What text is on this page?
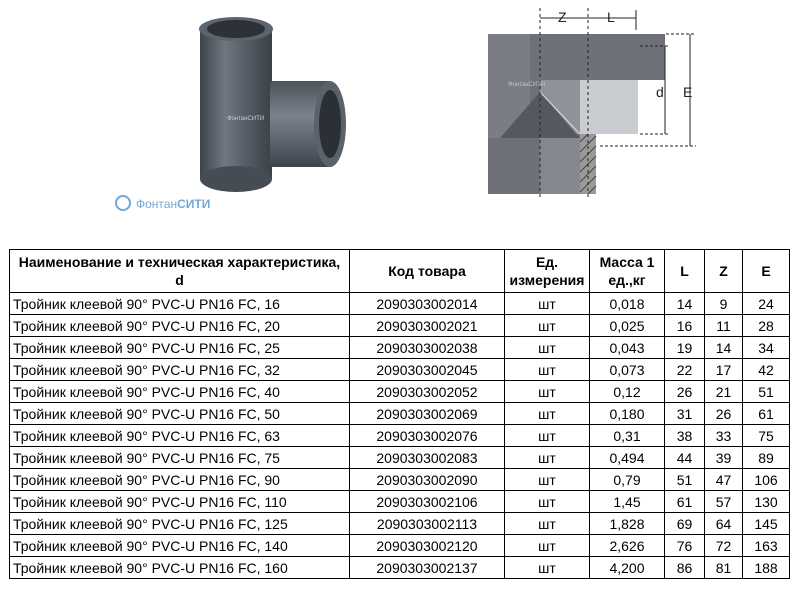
ФонтанСИТИ
ФонтанСИТИ
Z	L
d E
ФонтанСИТИ
Наименование и техническая характеристика, d	Код товара	Ед. измерения	Масса 1 ед.,кг	L	Z	E
Тройник клеевой 90° PVC-U PN16 FC, 16	2090303002014	шт	0,018	14	9	24
Тройник клеевой 90° PVC-U PN16 FC, 20	2090303002021	шт	0,025	16	11	28
Тройник клеевой 90° PVC-U PN16 FC, 25	2090303002038	шт	0,043	19	14	34
Тройник клеевой 90° PVC-U PN16 FC, 32	2090303002045	шт	0,073	22	17	42
Тройник клеевой 90° PVC-U PN16 FC, 40	2090303002052	шт	0,12	26	21	51
Тройник клеевой 90° PVC-U PN16 FC, 50	2090303002069	шт	0,180	31	26	61
Тройник клеевой 90° PVC-U PN16 FC, 63	2090303002076	шт	0,31	38	33	75
Тройник клеевой 90° PVC-U PN16 FC, 75	2090303002083	шт	0,494	44	39	89
Тройник клеевой 90° PVC-U PN16 FC, 90	2090303002090	шт	0,79	51	47	106
Тройник клеевой 90° PVC-U PN16 FC, 110	2090303002106	шт	1,45	61	57	130
Тройник клеевой 90° PVC-U PN16 FC, 125	2090303002113	шт	1,828	69	64	145
Тройник клеевой 90° PVC-U PN16 FC, 140	2090303002120	шт	2,626	76	72	163
Тройник клеевой 90° PVC-U PN16 FC, 160	2090303002137	шт	4,200	86	81	188
